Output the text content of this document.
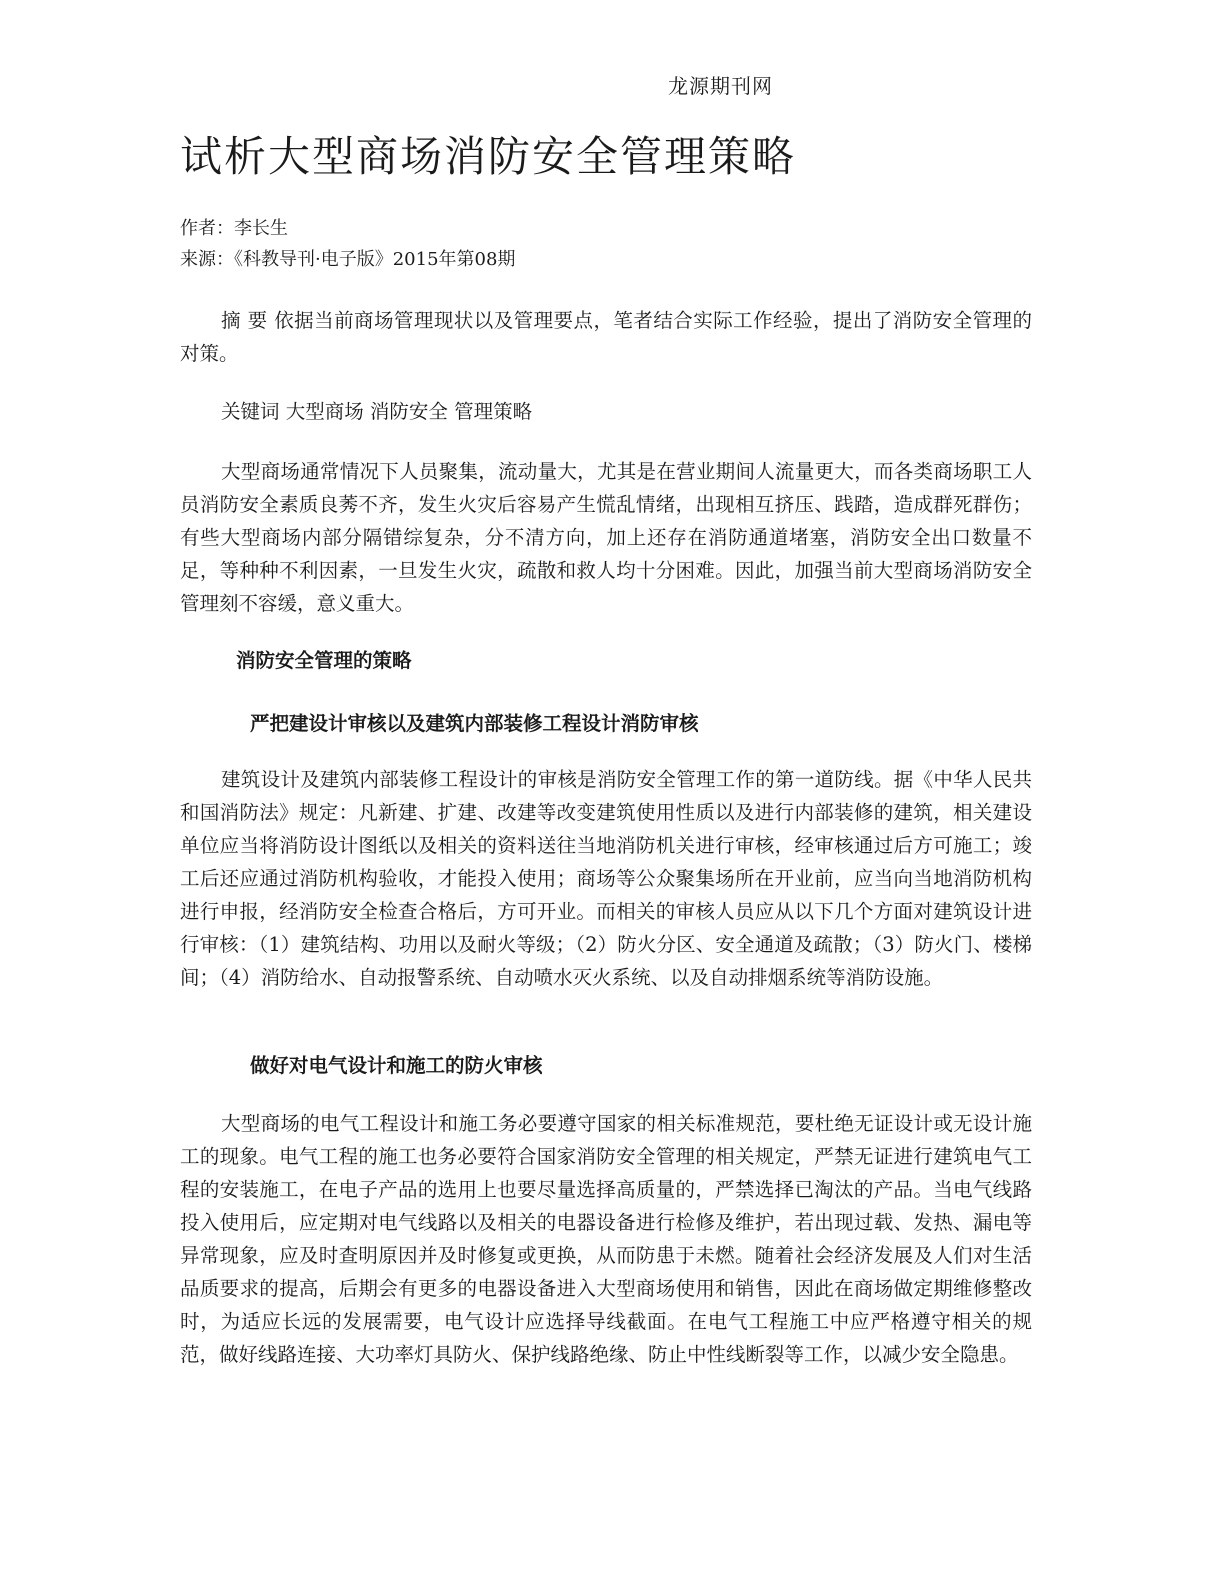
龙源期刊网
试析大型商场消防安全管理策略
作者：李长生
来源：《科教导刊·电子版》2015年第08期

摘 要 依据当前商场管理现状以及管理要点，笔者结合实际工作经验，提出了消防安全管理的对策。

关键词 大型商场 消防安全 管理策略

大型商场通常情况下人员聚集，流动量大，尤其是在营业期间人流量更大，而各类商场职工人员消防安全素质良莠不齐，发生火灾后容易产生慌乱情绪，出现相互挤压、践踏，造成群死群伤；有些大型商场内部分隔错综复杂，分不清方向，加上还存在消防通道堵塞，消防安全出口数量不足，等种种不利因素，一旦发生火灾，疏散和救人均十分困难。因此，加强当前大型商场消防安全管理刻不容缓，意义重大。

消防安全管理的策略
严把建设计审核以及建筑内部装修工程设计消防审核

建筑设计及建筑内部装修工程设计的审核是消防安全管理工作的第一道防线。据《中华人民共和国消防法》规定：凡新建、扩建、改建等改变建筑使用性质以及进行内部装修的建筑，相关建设单位应当将消防设计图纸以及相关的资料送往当地消防机关进行审核，经审核通过后方可施工；竣工后还应通过消防机构验收，才能投入使用；商场等公众聚集场所在开业前，应当向当地消防机构进行申报，经消防安全检查合格后，方可开业。而相关的审核人员应从以下几个方面对建筑设计进行审核：（1）建筑结构、功用以及耐火等级；（2）防火分区、安全通道及疏散；（3）防火门、楼梯间；（4）消防给水、自动报警系统、自动喷水灭火系统、以及自动排烟系统等消防设施。

做好对电气设计和施工的防火审核

大型商场的电气工程设计和施工务必要遵守国家的相关标准规范，要杜绝无证设计或无设计施工的现象。电气工程的施工也务必要符合国家消防安全管理的相关规定，严禁无证进行建筑电气工程的安装施工，在电子产品的选用上也要尽量选择高质量的，严禁选择已淘汰的产品。当电气线路投入使用后，应定期对电气线路以及相关的电器设备进行检修及维护，若出现过载、发热、漏电等异常现象，应及时查明原因并及时修复或更换，从而防患于未燃。随着社会经济发展及人们对生活品质要求的提高，后期会有更多的电器设备进入大型商场使用和销售，因此在商场做定期维修整改时，为适应长远的发展需要，电气设计应选择导线截面。在电气工程施工中应严格遵守相关的规范，做好线路连接、大功率灯具防火、保护线路绝缘、防止中性线断裂等工作，以减少安全隐患。
